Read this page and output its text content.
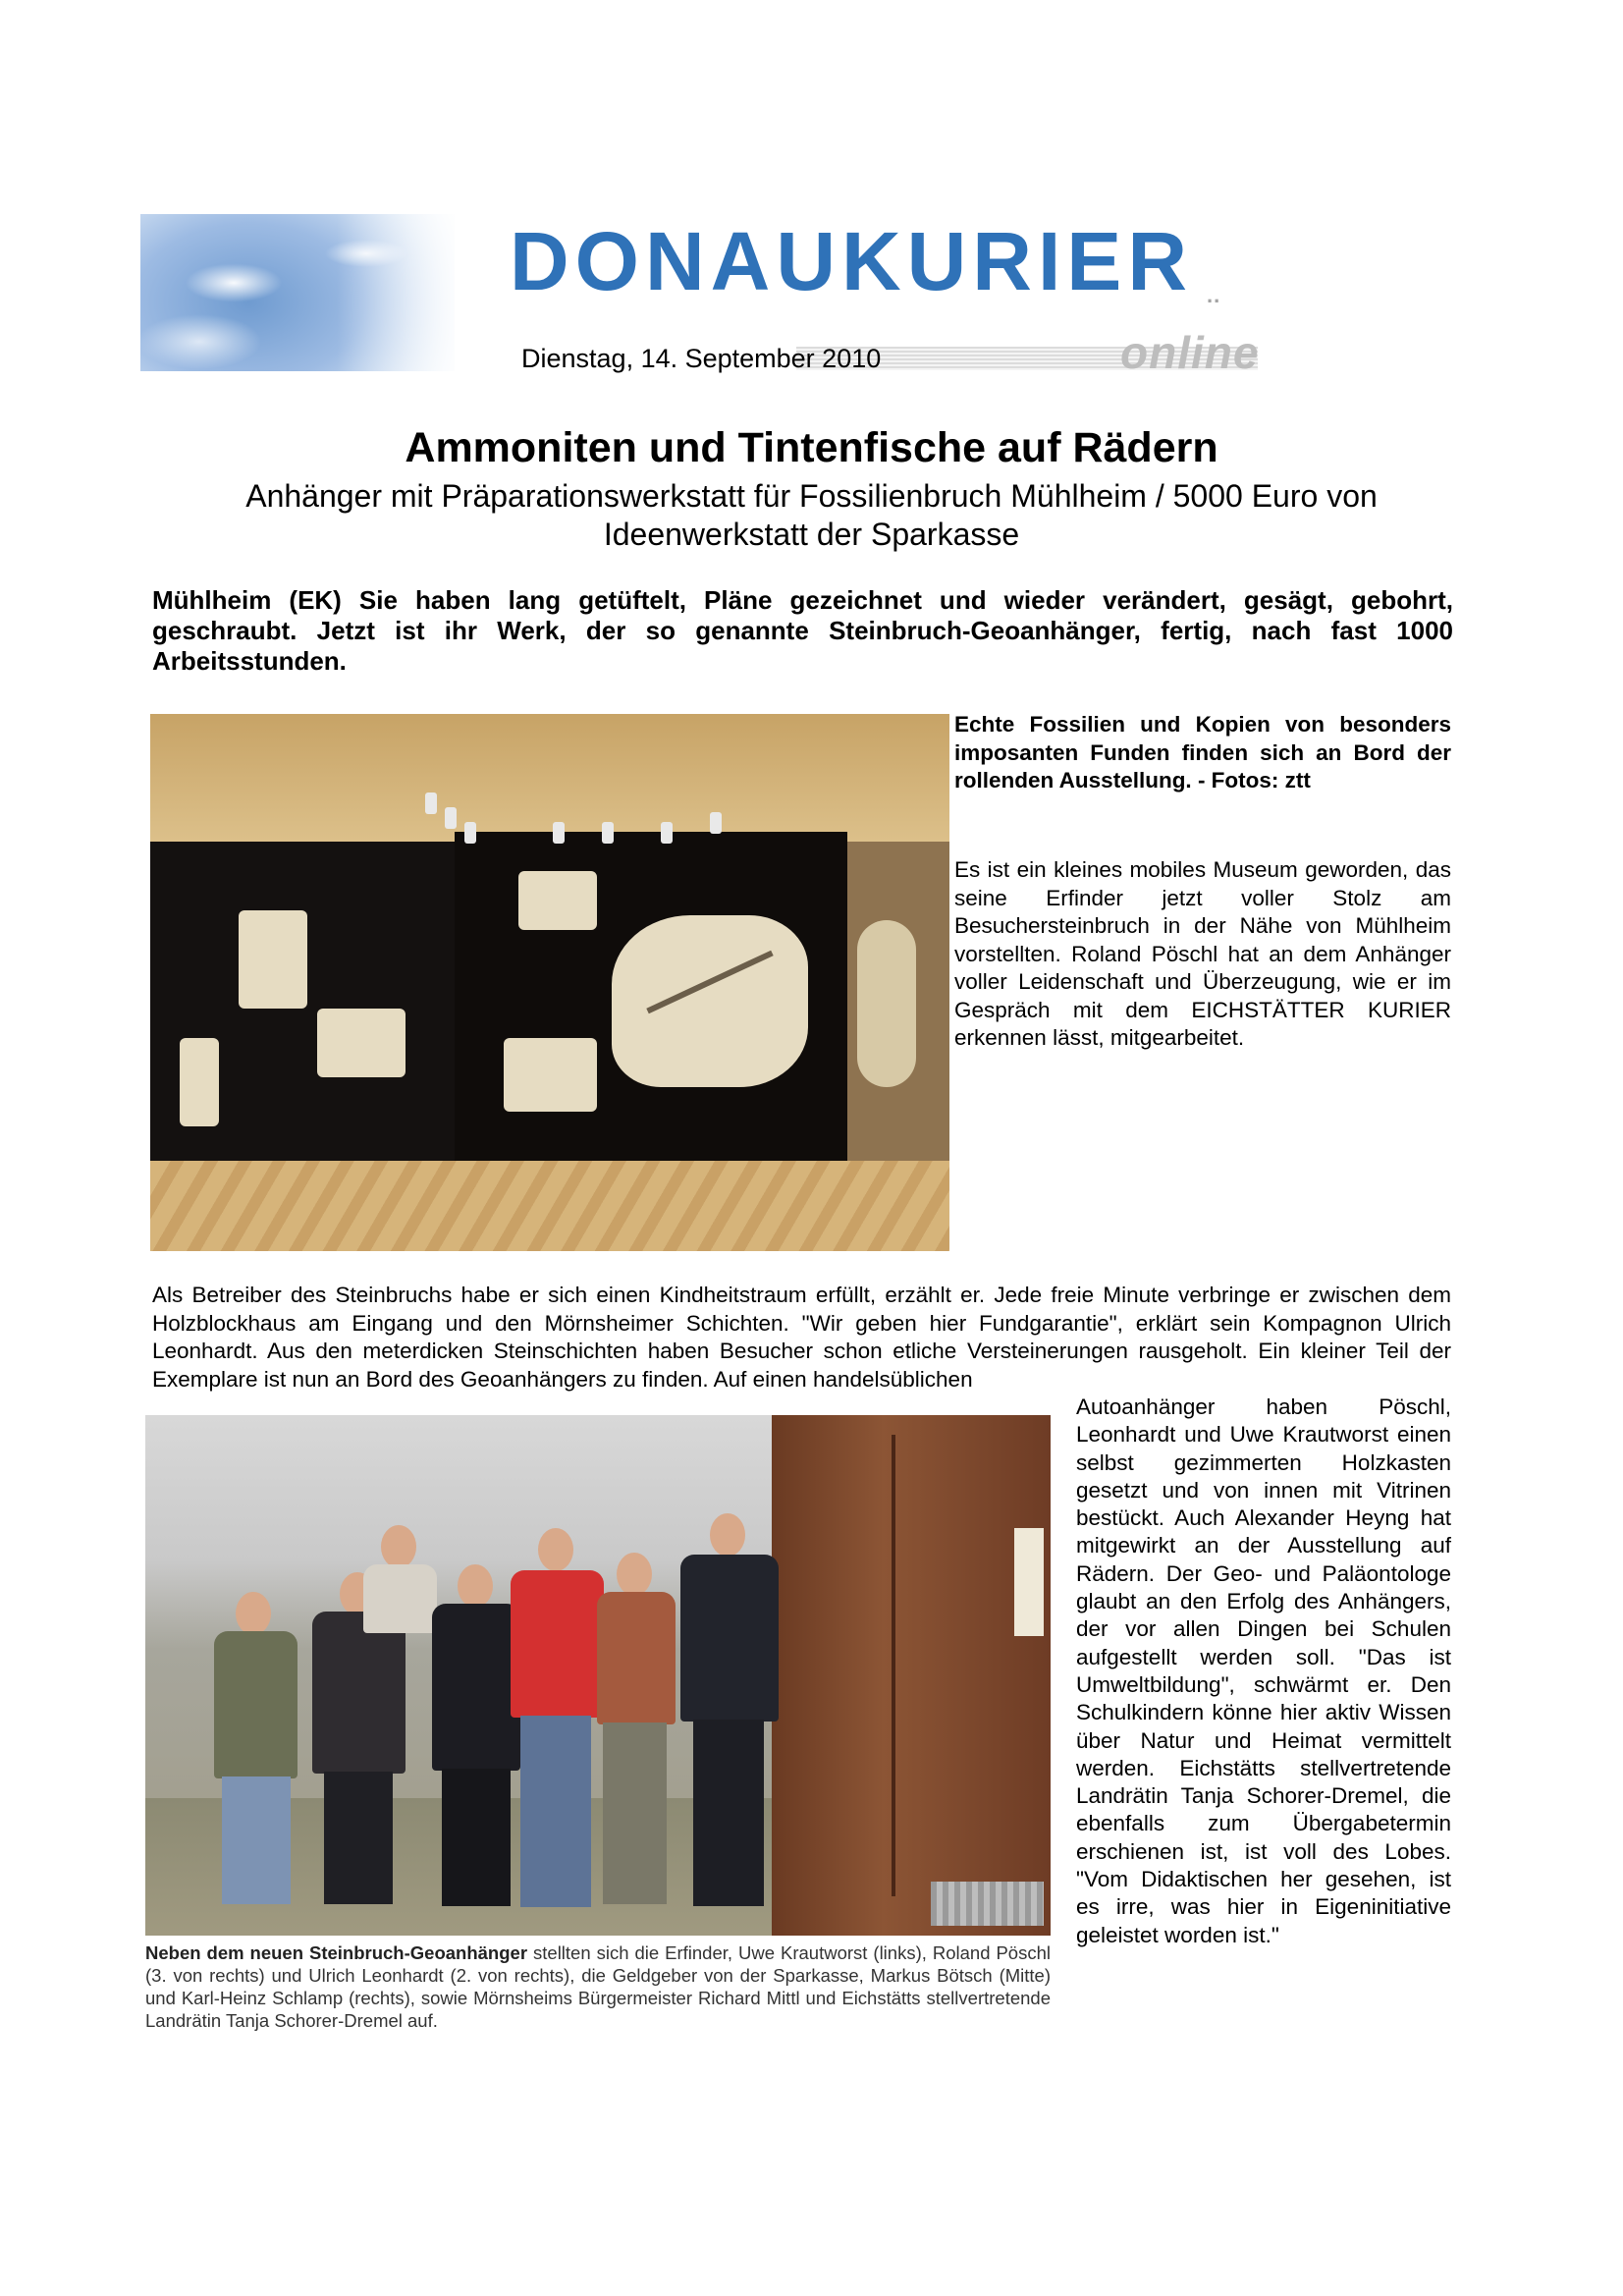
DONAUKURIER ..
Dienstag, 14. September 2010	online
Ammoniten und Tintenfische auf Rädern

Anhänger mit Präparationswerkstatt für Fossilienbruch Mühlheim / 5000 Euro von Ideenwerkstatt der Sparkasse

Mühlheim (EK) Sie haben lang getüftelt, Pläne gezeichnet und wieder verändert, gesägt, gebohrt, geschraubt. Jetzt ist ihr Werk, der so genannte Steinbruch-Geoanhänger, fertig, nach fast 1000 Arbeitsstunden.

Echte Fossilien und Kopien von besonders imposanten Funden finden sich an Bord der rollenden Ausstellung. - Fotos: ztt

Es ist ein kleines mobiles Museum geworden, das seine Erfinder jetzt voller Stolz am Besuchersteinbruch in der Nähe von Mühlheim vorstellten. Roland Pöschl hat an dem Anhänger voller Leidenschaft und Überzeugung, wie er im Gespräch mit dem EICHSTÄTTER KURIER erkennen lässt, mitgearbeitet.

Als Betreiber des Steinbruchs habe er sich einen Kindheitstraum erfüllt, erzählt er. Jede freie Minute verbringe er zwischen dem Holzblockhaus am Eingang und den Mörnsheimer Schichten. "Wir geben hier Fundgarantie", erklärt sein Kompagnon Ulrich Leonhardt. Aus den meterdicken Steinschichten haben Besucher schon etliche Versteinerungen rausgeholt. Ein kleiner Teil der Exemplare ist nun an Bord des Geoanhängers zu finden. Auf einen handelsüblichen

Neben dem neuen Steinbruch-Geoanhänger stellten sich die Erfinder, Uwe Krautworst (links), Roland Pöschl (3. von rechts) und Ulrich Leonhardt (2. von rechts), die Geldgeber von der Sparkasse, Markus Bötsch (Mitte) und Karl-Heinz Schlamp (rechts), sowie Mörnsheims Bürgermeister Richard Mittl und Eichstätts stellvertretende Landrätin Tanja Schorer-Dremel auf.

Autoanhänger haben Pöschl, Leonhardt und Uwe Krautworst einen selbst gezimmerten Holzkasten gesetzt und von innen mit Vitrinen bestückt. Auch Alexander Heyng hat mitgewirkt an der Ausstellung auf Rädern. Der Geo- und Paläontologe glaubt an den Erfolg des Anhängers, der vor allen Dingen bei Schulen aufgestellt werden soll. "Das ist Umweltbildung", schwärmt er. Den Schulkindern könne hier aktiv Wissen über Natur und Heimat vermittelt werden. Eichstätts stellvertretende Landrätin Tanja Schorer-Dremel, die ebenfalls zum Übergabetermin erschienen ist, ist voll des Lobes. "Vom Didaktischen her gesehen, ist es irre, was hier in Eigeninitiative geleistet worden ist."
